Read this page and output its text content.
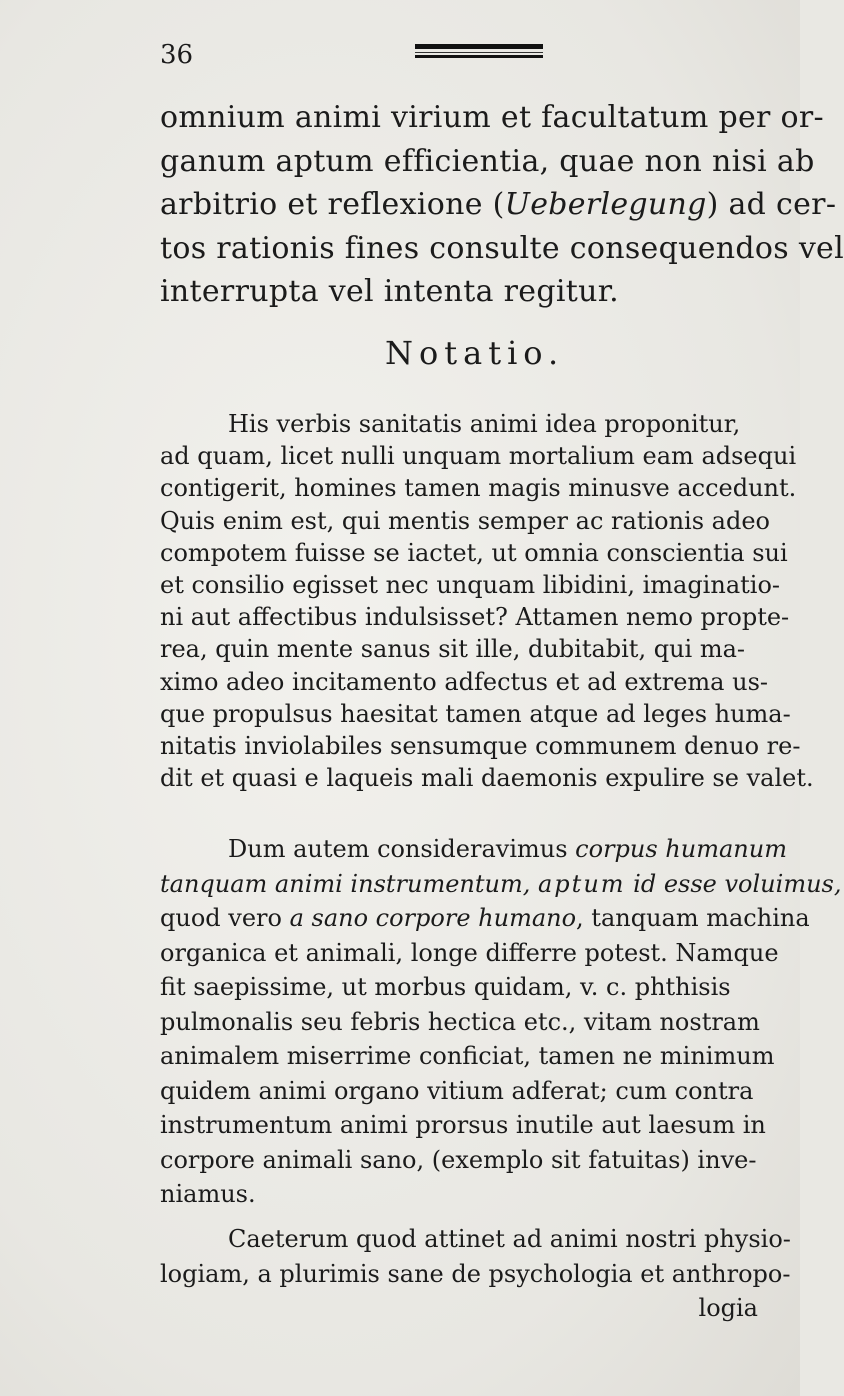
36
omnium animi virium et facultatum per or-
ganum aptum efficientia, quae non nisi ab
arbitrio et reflexione (Ueberlegung) ad cer-
tos rationis fines consulte consequendos vel
interrupta vel intenta regitur.
Notatio.
His verbis sanitatis animi idea proponitur,
ad quam, licet nulli unquam mortalium eam adsequi
contigerit, homines tamen magis minusve accedunt.
Quis enim est, qui mentis semper ac rationis adeo
compotem fuisse se iactet, ut omnia conscientia sui
et consilio egisset nec unquam libidini, imaginatio-
ni aut affectibus indulsisset? Attamen nemo propte-
rea, quin mente sanus sit ille, dubitabit, qui ma-
ximo adeo incitamento adfectus et ad extrema us-
que propulsus haesitat tamen atque ad leges huma-
nitatis inviolabiles sensumque communem denuo re-
dit et quasi e laqueis mali daemonis expulire se valet.
Dum autem consideravimus corpus humanum
tanquam animi instrumentum, aptum id esse voluimus,
quod vero a sano corpore humano, tanquam machina
organica et animali, longe differre potest. Namque
fit saepissime, ut morbus quidam, v. c. phthisis
pulmonalis seu febris hectica etc., vitam nostram
animalem miserrime conficiat, tamen ne minimum
quidem animi organo vitium adferat; cum contra
instrumentum animi prorsus inutile aut laesum in
corpore animali sano, (exemplo sit fatuitas) inve-
niamus.
Caeterum quod attinet ad animi nostri physio-
logiam, a plurimis sane de psychologia et anthropo-
logia
